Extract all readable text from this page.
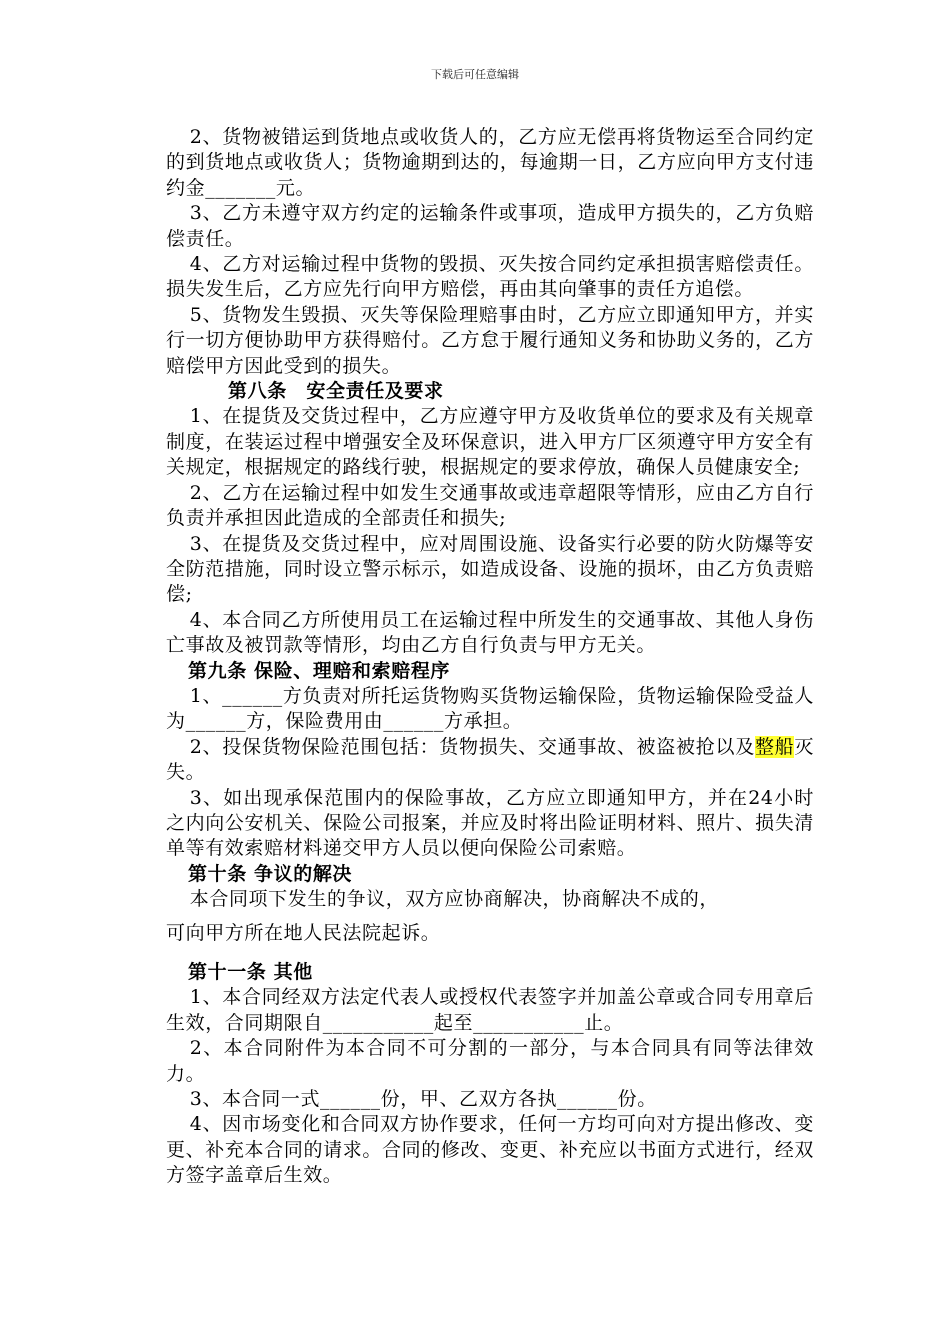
下载后可任意编辑

2、货物被错运到货地点或收货人的，乙方应无偿再将货物运至合同约定的到货地点或收货人；货物逾期到达的，每逾期一日，乙方应向甲方支付违约金_______元。

3、乙方未遵守双方约定的运输条件或事项，造成甲方损失的，乙方负赔偿责任。

4、乙方对运输过程中货物的毁损、灭失按合同约定承担损害赔偿责任。损失发生后，乙方应先行向甲方赔偿，再由其向肇事的责任方追偿。

5、货物发生毁损、灭失等保险理赔事由时，乙方应立即通知甲方，并实行一切方便协助甲方获得赔付。乙方怠于履行通知义务和协助义务的，乙方赔偿甲方因此受到的损失。

第八条　安全责任及要求

1、在提货及交货过程中，乙方应遵守甲方及收货单位的要求及有关规章制度，在装运过程中增强安全及环保意识，进入甲方厂区须遵守甲方安全有关规定，根据规定的路线行驶，根据规定的要求停放，确保人员健康安全;

2、乙方在运输过程中如发生交通事故或违章超限等情形，应由乙方自行负责并承担因此造成的全部责任和损失;

3、在提货及交货过程中，应对周围设施、设备实行必要的防火防爆等安全防范措施，同时设立警示标示，如造成设备、设施的损坏，由乙方负责赔偿;

4、本合同乙方所使用员工在运输过程中所发生的交通事故、其他人身伤亡事故及被罚款等情形，均由乙方自行负责与甲方无关。

第九条 保险、理赔和索赔程序

1、______方负责对所托运货物购买货物运输保险，货物运输保险受益人为______方，保险费用由______方承担。

2、投保货物保险范围包括：货物损失、交通事故、被盗被抢以及整船灭失。

3、如出现承保范围内的保险事故，乙方应立即通知甲方，并在24小时之内向公安机关、保险公司报案，并应及时将出险证明材料、照片、损失清单等有效索赔材料递交甲方人员以便向保险公司索赔。

第十条 争议的解决

本合同项下发生的争议，双方应协商解决，协商解决不成的，

可向甲方所在地人民法院起诉。

第十一条 其他

1、本合同经双方法定代表人或授权代表签字并加盖公章或合同专用章后生效，合同期限自___________起至___________止。

2、本合同附件为本合同不可分割的一部分，与本合同具有同等法律效力。

3、本合同一式______份，甲、乙双方各执______份。

4、因市场变化和合同双方协作要求，任何一方均可向对方提出修改、变更、补充本合同的请求。合同的修改、变更、补充应以书面方式进行，经双方签字盖章后生效。
